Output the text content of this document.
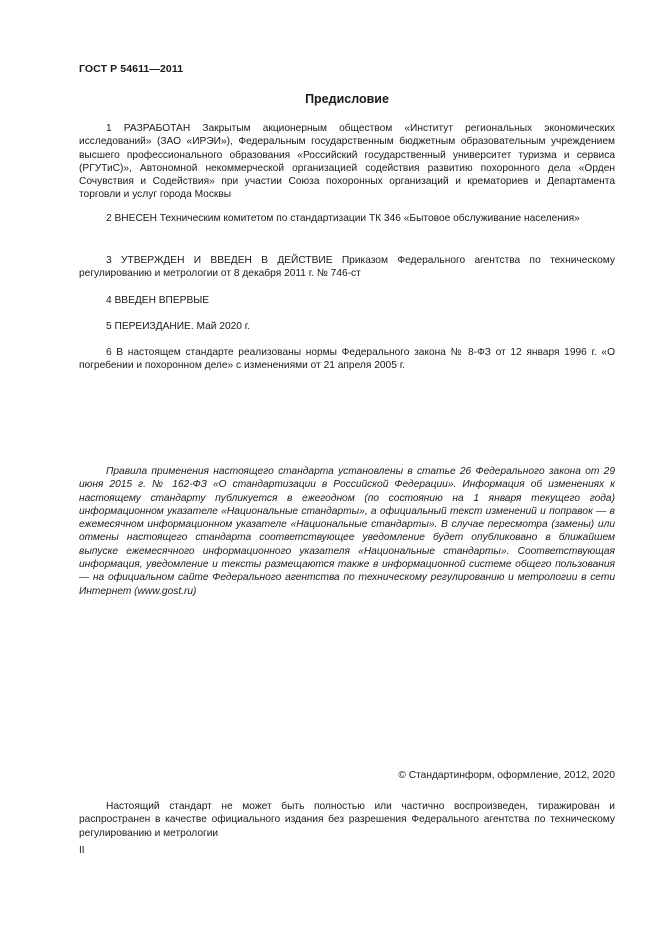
ГОСТ Р 54611—2011
Предисловие
1 РАЗРАБОТАН Закрытым акционерным обществом «Институт региональных экономических исследований» (ЗАО «ИРЭИ»), Федеральным государственным бюджетным образовательным учреждением высшего профессионального образования «Российский государственный университет туризма и сервиса (РГУТиС)», Автономной некоммерческой организацией содействия развитию похоронного дела «Орден Сочувствия и Содействия» при участии Союза похоронных организаций и крематориев и Департамента торговли и услуг города Москвы
2 ВНЕСЕН Техническим комитетом по стандартизации ТК 346 «Бытовое обслуживание населения»
3 УТВЕРЖДЕН И ВВЕДЕН В ДЕЙСТВИЕ Приказом Федерального агентства по техническому регулированию и метрологии от 8 декабря 2011 г. № 746-ст
4 ВВЕДЕН ВПЕРВЫЕ
5 ПЕРЕИЗДАНИЕ. Май 2020 г.
6 В настоящем стандарте реализованы нормы Федерального закона № 8-ФЗ от 12 января 1996 г. «О погребении и похоронном деле» с изменениями от 21 апреля 2005 г.
Правила применения настоящего стандарта установлены в статье 26 Федерального закона от 29 июня 2015 г. № 162-ФЗ «О стандартизации в Российской Федерации». Информация об изменениях к настоящему стандарту публикуется в ежегодном (по состоянию на 1 января текущего года) информационном указателе «Национальные стандарты», а официальный текст изменений и поправок — в ежемесячном информационном указателе «Национальные стандарты». В случае пересмотра (замены) или отмены настоящего стандарта соответствующее уведомление будет опубликовано в ближайшем выпуске ежемесячного информационного указателя «Национальные стандарты». Соответствующая информация, уведомление и тексты размещаются также в информационной системе общего пользования — на официальном сайте Федерального агентства по техническому регулированию и метрологии в сети Интернет (www.gost.ru)
© Стандартинформ, оформление, 2012, 2020
Настоящий стандарт не может быть полностью или частично воспроизведен, тиражирован и распространен в качестве официального издания без разрешения Федерального агентства по техническому регулированию и метрологии
II
